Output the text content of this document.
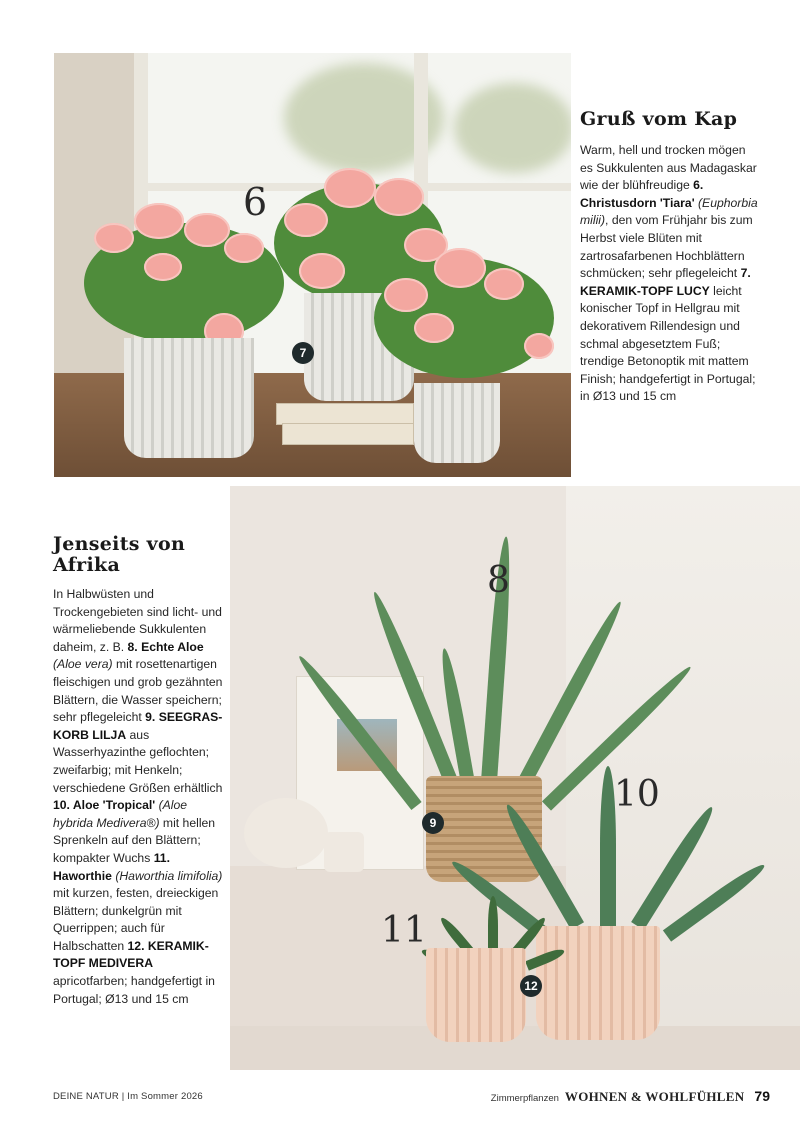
6
7
Gruß vom Kap
Warm, hell und trocken mögen es Sukkulenten aus Madagaskar wie der blühfreudige 6. Christusdorn 'Tiara' (Euphorbia milii), den vom Frühjahr bis zum Herbst viele Blüten mit zartrosafarbenen Hochblättern schmücken; sehr pflegeleicht 7. KERAMIK-TOPF LUCY leicht konischer Topf in Hellgrau mit dekorativem Rillendesign und schmal abgesetztem Fuß; trendige Betonoptik mit mattem Finish; handgefertigt in Portugal; in Ø13 und 15 cm
8
9
10
11
12
Jenseits von
Afrika
In Halbwüsten und Trockengebieten sind licht- und wärmeliebende Sukkulenten daheim, z. B. 8. Echte Aloe (Aloe vera) mit rosettenartigen fleischigen und grob gezähnten Blättern, die Wasser speichern; sehr pflegeleicht 9. SEEGRAS-KORB LILJA aus Wasserhyazinthe geflochten; zweifarbig; mit Henkeln; verschiedene Größen erhältlich 10. Aloe 'Tropical' (Aloe hybrida Medivera®) mit hellen Sprenkeln auf den Blättern; kompakter Wuchs 11. Haworthie (Haworthia limifolia) mit kurzen, festen, dreieckigen Blättern; dunkelgrün mit Querrippen; auch für Halbschatten 12. KERAMIK-TOPF MEDIVERA apricotfarben; handgefertigt in Portugal; Ø13 und 15 cm
DEINE NATUR | Im Sommer 2026	Zimmerpflanzen WOHNEN & WOHLFÜHLEN 79
